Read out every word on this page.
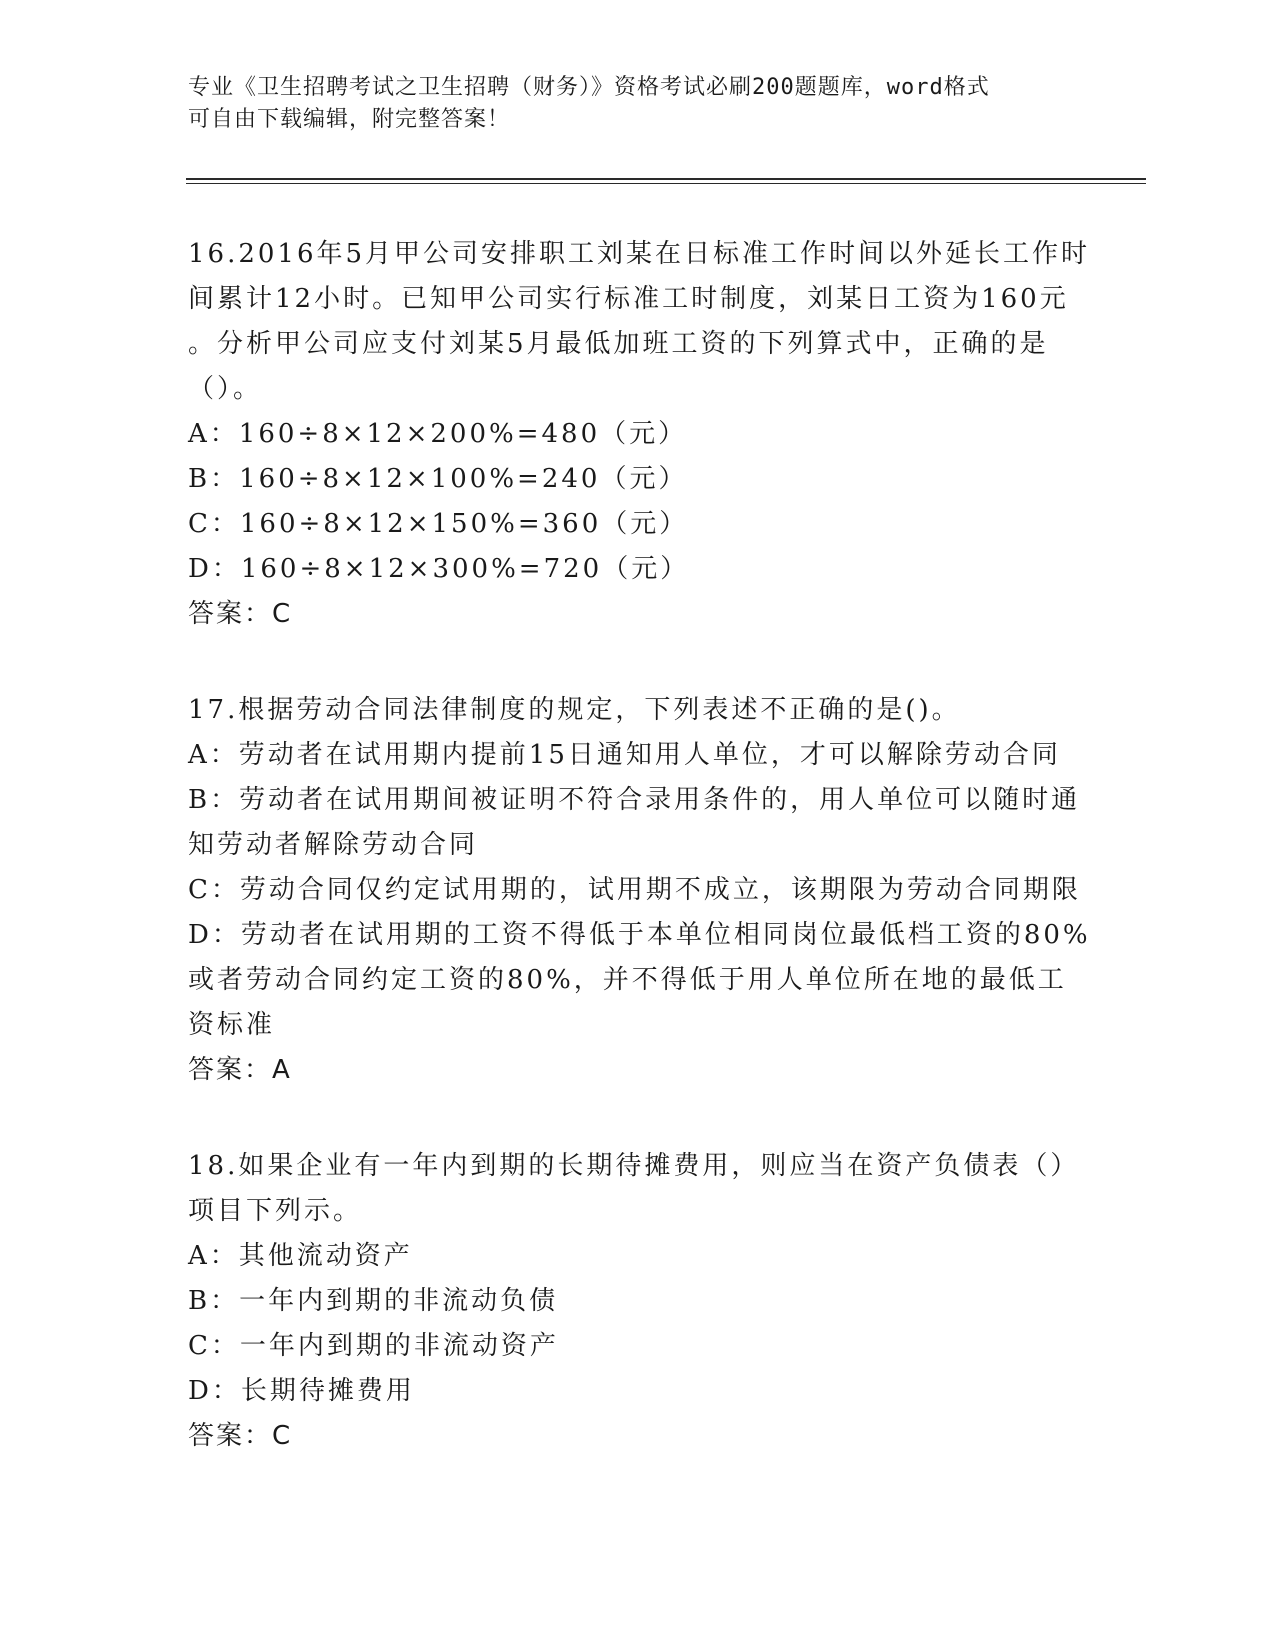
专业《卫生招聘考试之卫生招聘（财务）》资格考试必刷200题题库，word格式
可自由下载编辑，附完整答案！
16.2016年5月甲公司安排职工刘某在日标准工作时间以外延长工作时
间累计12小时。已知甲公司实行标准工时制度，刘某日工资为160元
。分析甲公司应支付刘某5月最低加班工资的下列算式中，正确的是
（）。
A：160÷8×12×200%=480（元）
B：160÷8×12×100%=240（元）
C：160÷8×12×150%=360（元）
D：160÷8×12×300%=720（元）
答案：C
17.根据劳动合同法律制度的规定，下列表述不正确的是()。
A：劳动者在试用期内提前15日通知用人单位，才可以解除劳动合同
B：劳动者在试用期间被证明不符合录用条件的，用人单位可以随时通
知劳动者解除劳动合同
C：劳动合同仅约定试用期的，试用期不成立，该期限为劳动合同期限
D：劳动者在试用期的工资不得低于本单位相同岗位最低档工资的80%
或者劳动合同约定工资的80%，并不得低于用人单位所在地的最低工
资标准
答案：A
18.如果企业有一年内到期的长期待摊费用，则应当在资产负债表（）
项目下列示。
A：其他流动资产
B：一年内到期的非流动负债
C：一年内到期的非流动资产
D：长期待摊费用
答案：C
